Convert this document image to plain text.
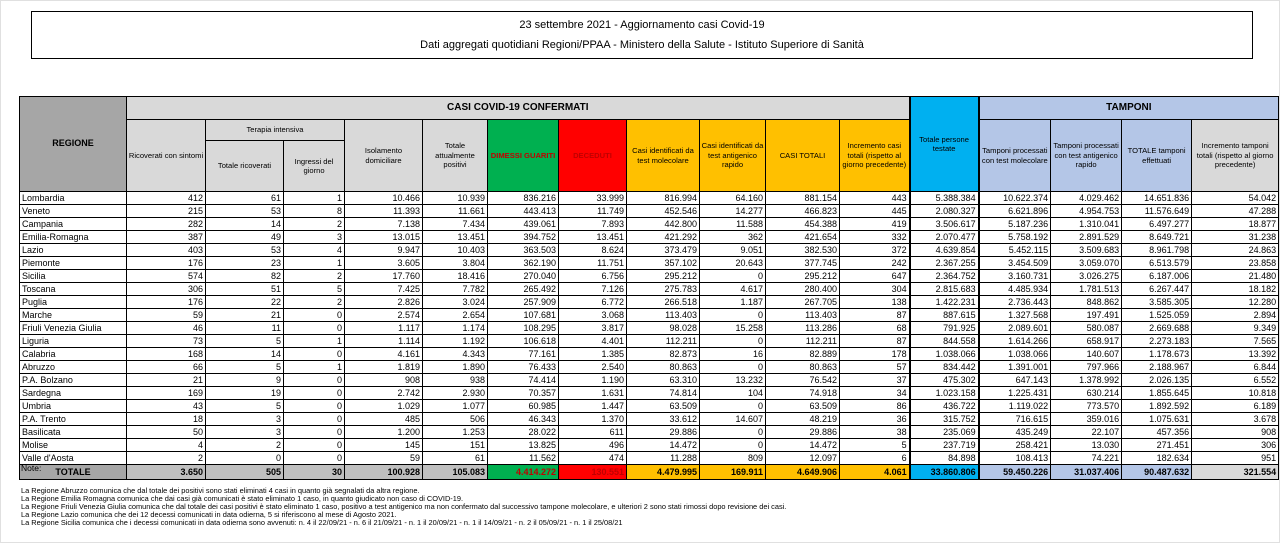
23 settembre 2021 - Aggiornamento casi Covid-19
Dati aggregati quotidiani Regioni/PPAA - Ministero della Salute - Istituto Superiore di Sanità
REGIONE	CASI COVID-19 CONFERMATI											Totale persone testate	TAMPONI			
	Ricoverati con sintomi	Terapia intensiva		Isolamento domiciliare	Totale attualmente positivi	DIMESSI GUARITI	DECEDUTI	Casi identificati da test molecolare	Casi identificati da test antigenico rapido	CASI TOTALI	Incremento casi totali (rispetto al giorno precedente)		Tamponi processati con test molecolare	Tamponi processati con test antigenico rapido	TOTALE tamponi effettuati	Incremento tamponi totali (rispetto al giorno precedente)
		Totale ricoverati	Ingressi del giorno													
Lombardia	412	61	1	10.466	10.939	836.216	33.999	816.994	64.160	881.154	443	5.388.384	10.622.374	4.029.462	14.651.836	54.042
Veneto	215	53	8	11.393	11.661	443.413	11.749	452.546	14.277	466.823	445	2.080.327	6.621.896	4.954.753	11.576.649	47.288
Campania	282	14	2	7.138	7.434	439.061	7.893	442.800	11.588	454.388	419	3.506.617	5.187.236	1.310.041	6.497.277	18.877
Emilia-Romagna	387	49	3	13.015	13.451	394.752	13.451	421.292	362	421.654	332	2.070.477	5.758.192	2.891.529	8.649.721	31.238
Lazio	403	53	4	9.947	10.403	363.503	8.624	373.479	9.051	382.530	372	4.639.854	5.452.115	3.509.683	8.961.798	24.863
Piemonte	176	23	1	3.605	3.804	362.190	11.751	357.102	20.643	377.745	242	2.367.255	3.454.509	3.059.070	6.513.579	23.858
Sicilia	574	82	2	17.760	18.416	270.040	6.756	295.212	0	295.212	647	2.364.752	3.160.731	3.026.275	6.187.006	21.480
Toscana	306	51	5	7.425	7.782	265.492	7.126	275.783	4.617	280.400	304	2.815.683	4.485.934	1.781.513	6.267.447	18.182
Puglia	176	22	2	2.826	3.024	257.909	6.772	266.518	1.187	267.705	138	1.422.231	2.736.443	848.862	3.585.305	12.280
Marche	59	21	0	2.574	2.654	107.681	3.068	113.403	0	113.403	87	887.615	1.327.568	197.491	1.525.059	2.894
Friuli Venezia Giulia	46	11	0	1.117	1.174	108.295	3.817	98.028	15.258	113.286	68	791.925	2.089.601	580.087	2.669.688	9.349
Liguria	73	5	1	1.114	1.192	106.618	4.401	112.211	0	112.211	87	844.558	1.614.266	658.917	2.273.183	7.565
Calabria	168	14	0	4.161	4.343	77.161	1.385	82.873	16	82.889	178	1.038.066	1.038.066	140.607	1.178.673	13.392
Abruzzo	66	5	1	1.819	1.890	76.433	2.540	80.863	0	80.863	57	834.442	1.391.001	797.966	2.188.967	6.844
P.A. Bolzano	21	9	0	908	938	74.414	1.190	63.310	13.232	76.542	37	475.302	647.143	1.378.992	2.026.135	6.552
Sardegna	169	19	0	2.742	2.930	70.357	1.631	74.814	104	74.918	34	1.023.158	1.225.431	630.214	1.855.645	10.818
Umbria	43	5	0	1.029	1.077	60.985	1.447	63.509	0	63.509	86	436.722	1.119.022	773.570	1.892.592	6.189
P.A. Trento	18	3	0	485	506	46.343	1.370	33.612	14.607	48.219	36	315.752	716.615	359.016	1.075.631	3.678
Basilicata	50	3	0	1.200	1.253	28.022	611	29.886	0	29.886	38	235.069	435.249	22.107	457.356	908
Molise	4	2	0	145	151	13.825	496	14.472	0	14.472	5	237.719	258.421	13.030	271.451	306
Valle d'Aosta	2	0	0	59	61	11.562	474	11.288	809	12.097	6	84.898	108.413	74.221	182.634	951
TOTALE	3.650	505	30	100.928	105.083	4.414.272	130.551	4.479.995	169.911	4.649.906	4.061	33.860.806	59.450.226	31.037.406	90.487.632	321.554
Note:
La Regione Abruzzo comunica che dal totale dei positivi sono stati eliminati 4 casi in quanto già segnalati da altra regione.
La Regione Emilia Romagna comunica che dai casi già comunicati è stato eliminato 1 caso, in quanto giudicato non caso di COVID-19.
La Regione Friuli Venezia Giulia comunica che dal totale dei casi positivi è stato eliminato 1 caso, positivo a test antigenico ma non confermato dal successivo tampone molecolare, e ulteriori 2 sono stati rimossi dopo revisione dei casi.
La Regione Lazio comunica che dei 12 decessi comunicati in data odierna, 5 si riferiscono al mese di Agosto 2021.
La Regione Sicilia comunica che i decessi comunicati in data odierna sono avvenuti: n. 4 il 22/09/21 - n. 6 il 21/09/21 - n. 1 il 20/09/21 - n. 1 il 14/09/21 - n. 2 il 05/09/21 - n. 1 il 25/08/21
